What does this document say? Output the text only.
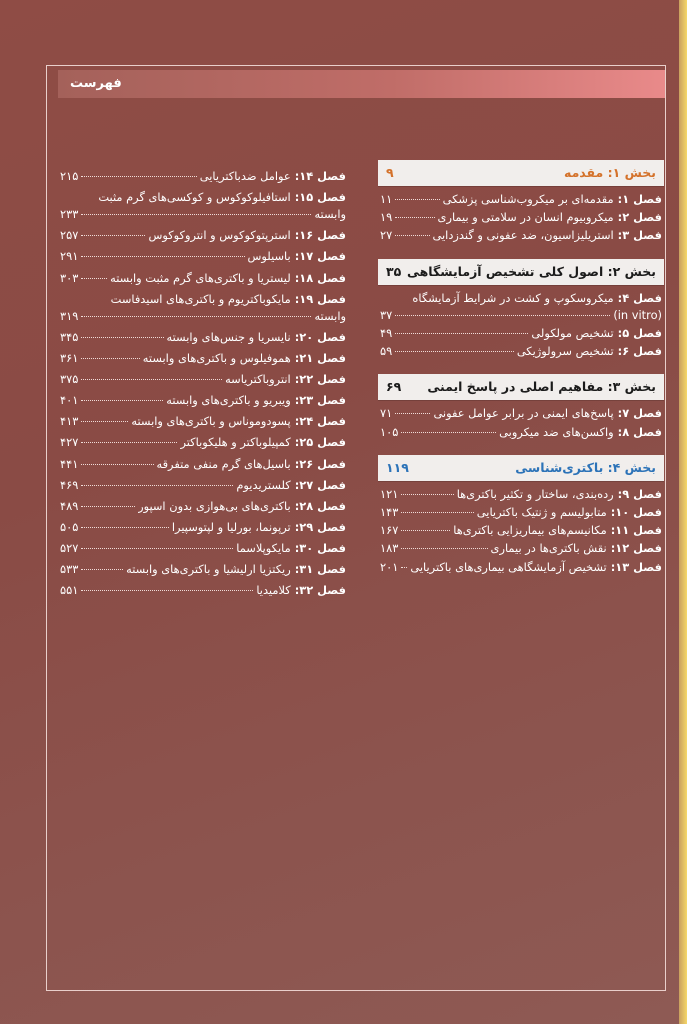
فهرست
بخش ۱: مقدمه
۹
فصل ۱:
مقدمه‌ای بر میکروب‌شناسی پزشکی
۱۱
فصل ۲:
میکروبیوم انسان در سلامتی و بیماری
۱۹
فصل ۳:
استریلیزاسیون، ضد عفونی و گندزدایی
۲۷
بخش ۲: اصول کلی تشخیص آزمایشگاهی
۳۵
فصل ۴:میکروسکوپ و کشت در شرایط آزمایشگاه
(in vitro)
۳۷
فصل ۵:
تشخیص مولکولی
۴۹
فصل ۶:
تشخیص سرولوژیکی
۵۹
بخش ۳: مفاهیم اصلی در پاسخ ایمنی
۶۹
فصل ۷:
پاسخ‌های ایمنی در برابر عوامل عفونی
۷۱
فصل ۸:
واکسن‌های ضد میکروبی
۱۰۵
بخش ۴: باکتری‌شناسی
۱۱۹
فصل ۹:
رده‌بندی، ساختار و تکثیر باکتری‌ها
۱۲۱
فصل ۱۰:
متابولیسم و ژنتیک باکتریایی
۱۴۳
فصل ۱۱:
مکانیسم‌های بیماریزایی باکتری‌ها
۱۶۷
فصل ۱۲:
نقش باکتری‌ها در بیماری
۱۸۳
فصل ۱۳:
تشخیص آزمایشگاهی بیماری‌های باکتریایی
۲۰۱
فصل ۱۴:
عوامل ضدباکتریایی
۲۱۵
فصل ۱۵:استافیلوکوکوس و کوکسی‌های گرم مثبت
وابسته
۲۳۳
فصل ۱۶:
استرپتوکوکوس و انتروکوکوس
۲۵۷
فصل ۱۷:
باسیلوس
۲۹۱
فصل ۱۸:
لیستریا و باکتری‌های گرم مثبت وابسته
۳۰۳
فصل ۱۹:مایکوباکتریوم و باکتری‌های اسیدفاست
وابسته
۳۱۹
فصل ۲۰:
نایسریا و جنس‌های وابسته
۳۴۵
فصل ۲۱:
هموفیلوس و باکتری‌های وابسته
۳۶۱
فصل ۲۲:
انتروباکتریاسه
۳۷۵
فصل ۲۳:
ویبریو و باکتری‌های وابسته
۴۰۱
فصل ۲۴:
پسودوموناس و باکتری‌های وابسته
۴۱۳
فصل ۲۵:
کمپیلوباکتر و هلیکوباکتر
۴۲۷
فصل ۲۶:
باسیل‌های گرم منفی متفرقه
۴۴۱
فصل ۲۷:
کلستریدیوم
۴۶۹
فصل ۲۸:
باکتری‌های بی‌هوازی بدون اسپور
۴۸۹
فصل ۲۹:
ترپونما، بورلیا و لپتوسپیرا
۵۰۵
فصل ۳۰:
مایکوپلاسما
۵۲۷
فصل ۳۱:
ریکتزیا ارلیشیا و باکتری‌های وابسته
۵۳۳
فصل ۳۲:
کلامیدیا
۵۵۱
